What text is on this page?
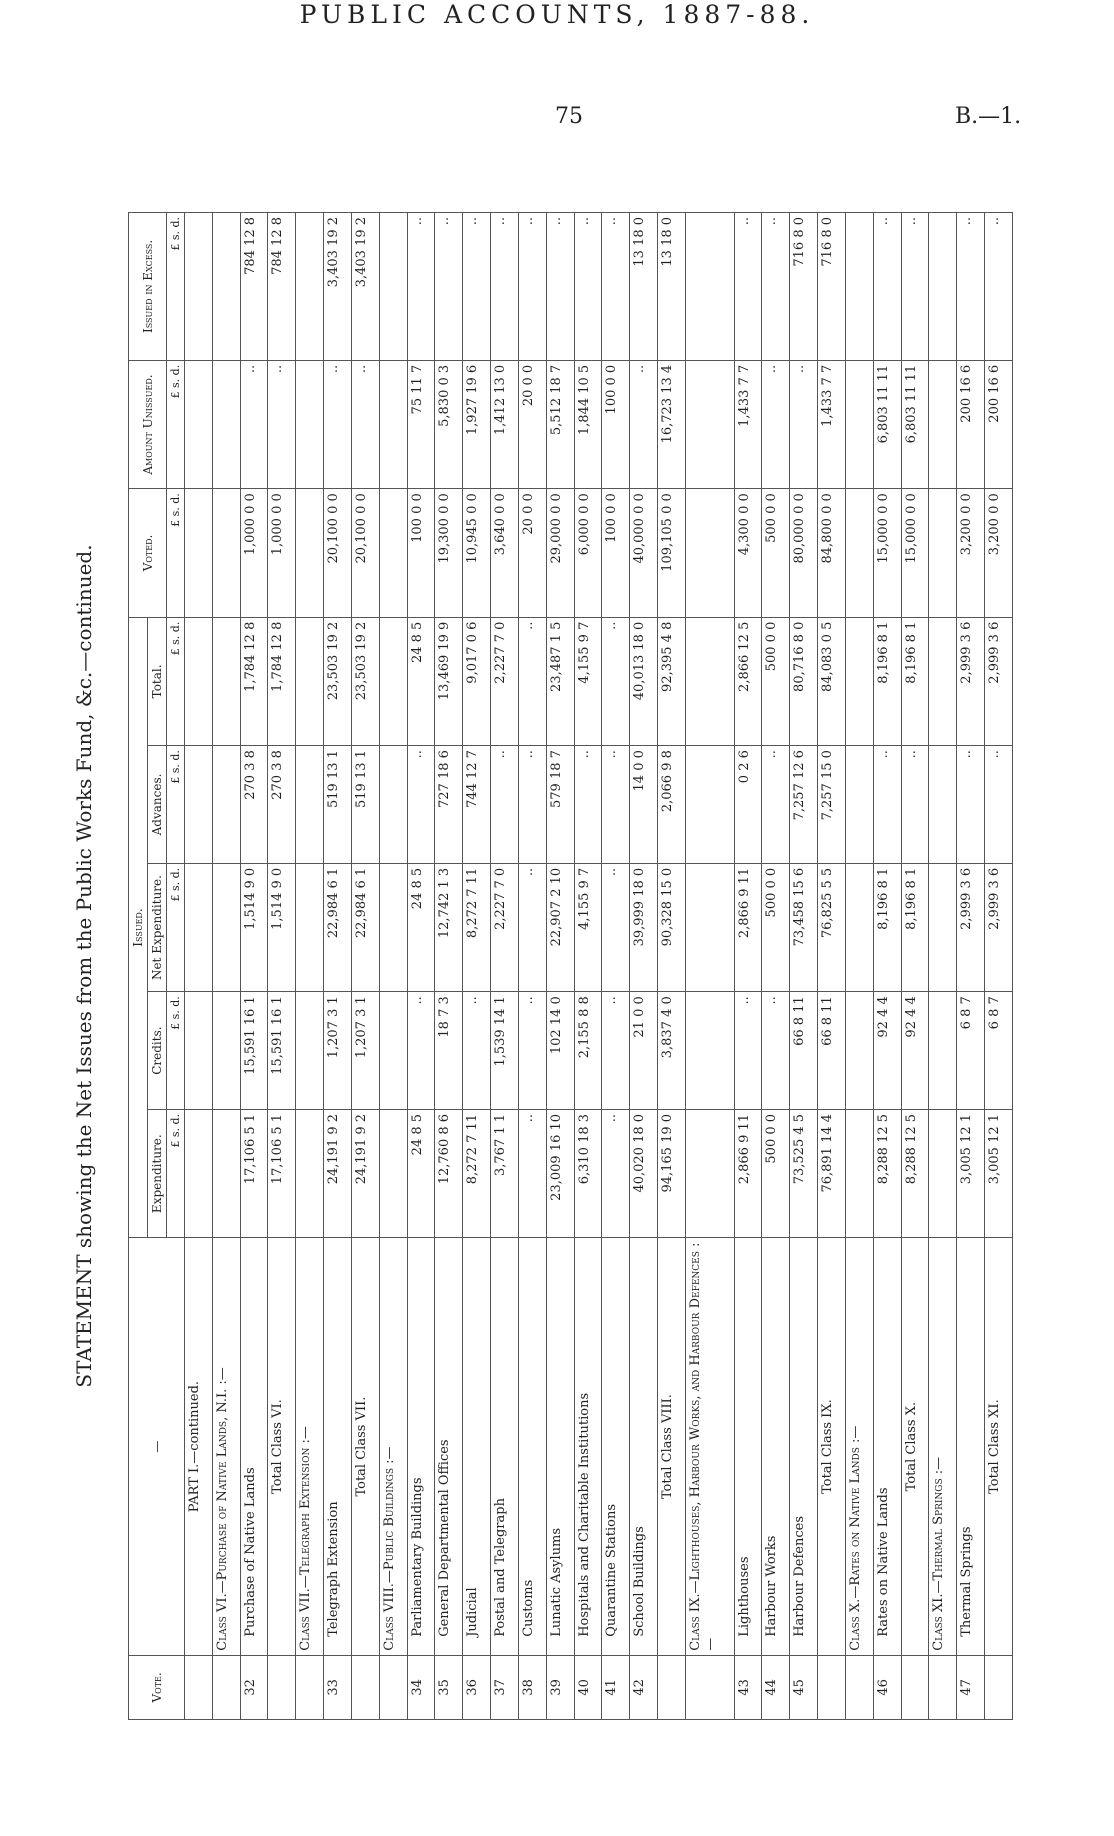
75	B.—1.
PUBLIC ACCOUNTS, 1887-88.
STATEMENT showing the Net Issues from the Public Works Fund, &c.—continued.
Vote.	—	Issued.					Voted.	Amount Unissued.	Issued in Excess.
		Expenditure.	Credits.	Net Expenditure.	Advances.	Total.			
		£ s. d.	£ s. d.	£ s. d.	£ s. d.	£ s. d.	£ s. d.	£ s. d.	£ s. d.
	PART I.—continued.								
	Class VI.—Purchase of Native Lands, N.I. :—								
32	Purchase of Native Lands	17,106 5 1	15,591 16 1	1,514 9 0	270 3 8	1,784 12 8	1,000 0 0	..	784 12 8
	Total Class VI.	17,106 5 1	15,591 16 1	1,514 9 0	270 3 8	1,784 12 8	1,000 0 0	..	784 12 8
	Class VII.—Telegraph Extension :—								
33	Telegraph Extension	24,191 9 2	1,207 3 1	22,984 6 1	519 13 1	23,503 19 2	20,100 0 0	..	3,403 19 2
	Total Class VII.	24,191 9 2	1,207 3 1	22,984 6 1	519 13 1	23,503 19 2	20,100 0 0	..	3,403 19 2
	Class VIII.—Public Buildings :—								
34	Parliamentary Buildings	24 8 5	..	24 8 5	..	24 8 5	100 0 0	75 11 7	..
35	General Departmental Offices	12,760 8 6	18 7 3	12,742 1 3	727 18 6	13,469 19 9	19,300 0 0	5,830 0 3	..
36	Judicial	8,272 7 11	..	8,272 7 11	744 12 7	9,017 0 6	10,945 0 0	1,927 19 6	..
37	Postal and Telegraph	3,767 1 1	1,539 14 1	2,227 7 0	..	2,227 7 0	3,640 0 0	1,412 13 0	..
38	Customs	..	..	..	..	..	20 0 0	20 0 0	..
39	Lunatic Asylums	23,009 16 10	102 14 0	22,907 2 10	579 18 7	23,487 1 5	29,000 0 0	5,512 18 7	..
40	Hospitals and Charitable Institutions	6,310 18 3	2,155 8 8	4,155 9 7	..	4,155 9 7	6,000 0 0	1,844 10 5	..
41	Quarantine Stations	..	..	..	..	..	100 0 0	100 0 0	..
42	School Buildings	40,020 18 0	21 0 0	39,999 18 0	14 0 0	40,013 18 0	40,000 0 0	..	13 18 0
	Total Class VIII.	94,165 19 0	3,837 4 0	90,328 15 0	2,066 9 8	92,395 4 8	109,105 0 0	16,723 13 4	13 18 0
	Class IX.—Lighthouses, Harbour Works, and Harbour Defences :—								
43	Lighthouses	2,866 9 11	..	2,866 9 11	0 2 6	2,866 12 5	4,300 0 0	1,433 7 7	..
44	Harbour Works	500 0 0	..	500 0 0	..	500 0 0	500 0 0	..	..
45	Harbour Defences	73,525 4 5	66 8 11	73,458 15 6	7,257 12 6	80,716 8 0	80,000 0 0	..	716 8 0
	Total Class IX.	76,891 14 4	66 8 11	76,825 5 5	7,257 15 0	84,083 0 5	84,800 0 0	1,433 7 7	716 8 0
	Class X.—Rates on Native Lands :—								
46	Rates on Native Lands	8,288 12 5	92 4 4	8,196 8 1	..	8,196 8 1	15,000 0 0	6,803 11 11	..
	Total Class X.	8,288 12 5	92 4 4	8,196 8 1	..	8,196 8 1	15,000 0 0	6,803 11 11	..
	Class XI.—Thermal Springs :—								
47	Thermal Springs	3,005 12 1	6 8 7	2,999 3 6	..	2,999 3 6	3,200 0 0	200 16 6	..
	Total Class XI.	3,005 12 1	6 8 7	2,999 3 6	..	2,999 3 6	3,200 0 0	200 16 6	..
